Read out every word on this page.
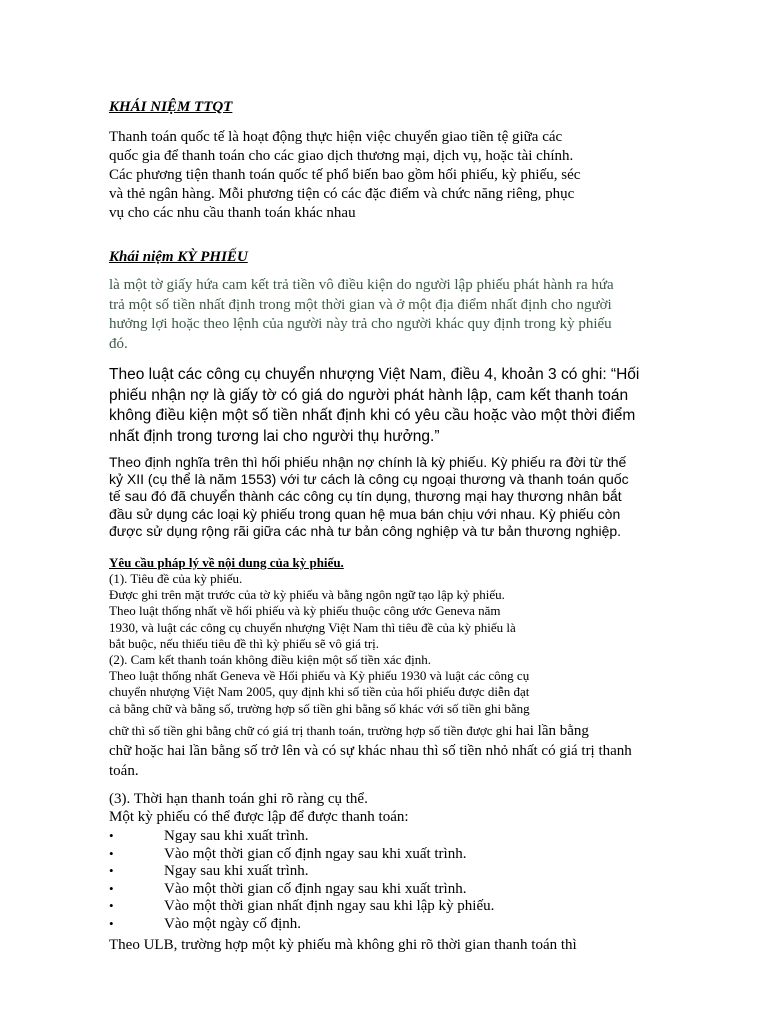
KHÁI NIỆM TTQT

Thanh toán quốc tế là hoạt động thực hiện việc chuyển giao tiền tệ giữa các
quốc gia để thanh toán cho các giao dịch thương mại, dịch vụ, hoặc tài chính.
Các phương tiện thanh toán quốc tế phổ biến bao gồm hối phiếu, kỳ phiếu, séc
và thẻ ngân hàng. Mỗi phương tiện có các đặc điểm và chức năng riêng, phục
vụ cho các nhu cầu thanh toán khác nhau

Khái niệm KỲ PHIẾU

là một tờ giấy hứa cam kết trả tiền vô điều kiện do người lập phiếu phát hành ra hứa
trả một số tiền nhất định trong một thời gian và ở một địa điểm nhất định cho người
hưởng lợi hoặc theo lệnh của người này trả cho người khác quy định trong kỳ phiếu
đó.

Theo luật các công cụ chuyển nhượng Việt Nam, điều 4, khoản 3 có ghi: “Hối
phiếu nhận nợ là giấy tờ có giá do người phát hành lập, cam kết thanh toán
không điều kiện một số tiền nhất định khi có yêu cầu hoặc vào một thời điểm
nhất định trong tương lai cho người thụ hưởng.”

Theo định nghĩa trên thì hối phiếu nhận nợ chính là kỳ phiếu. Kỳ phiếu ra đời từ thế
kỷ XII (cụ thể là năm 1553) với tư cách là công cụ ngoại thương và thanh toán quốc
tế sau đó đã chuyển thành các công cụ tín dụng, thương mại hay thương nhân bắt
đầu sử dụng các loại kỳ phiếu trong quan hệ mua bán chịu với nhau. Kỳ phiếu còn
được sử dụng rộng rãi giữa các nhà tư bản công nghiệp và tư bản thương nghiệp.

Yêu cầu pháp lý về nội dung của kỳ phiếu.

(1). Tiêu đề của kỳ phiếu.
Được ghi trên mặt trước của tờ kỳ phiếu và bằng ngôn ngữ tạo lập kỷ phiếu.
Theo luật thống nhất về hối phiếu và kỳ phiếu thuộc công ước Geneva năm
1930, và luật các công cụ chuyển nhượng Việt Nam thì tiêu đề của kỳ phiếu là
bắt buộc, nếu thiếu tiêu đề thì kỳ phiếu sẽ vô giá trị.
(2). Cam kết thanh toán không điều kiện một số tiền xác định.
Theo luật thống nhất Geneva về Hối phiếu và Kỳ phiếu 1930 và luật các công cụ
chuyển nhượng Việt Nam 2005, quy định khi số tiền của hối phiếu được diễn đạt
cả bằng chữ và bằng số, trường hợp số tiền ghi bằng số khác với số tiền ghi bằng

chữ thì số tiền ghi bằng chữ có giá trị thanh toán, trường hợp số tiền được ghi hai lần bằng

chữ hoặc hai lần bằng số trở lên và có sự khác nhau thì số tiền nhỏ nhất có giá trị thanh
toán.

(3). Thời hạn thanh toán ghi rõ ràng cụ thể.
Một kỳ phiếu có thể được lập để được thanh toán:

•	Ngay sau khi xuất trình.
•	Vào một thời gian cố định ngay sau khi xuất trình.
•	Ngay sau khi xuất trình.
•	Vào một thời gian cố định ngay sau khi xuất trình.
•	Vào một thời gian nhất định ngay sau khi lập kỳ phiếu.
•	Vào một ngày cố định.

Theo ULB, trường hợp một kỳ phiếu mà không ghi rõ thời gian thanh toán thì
